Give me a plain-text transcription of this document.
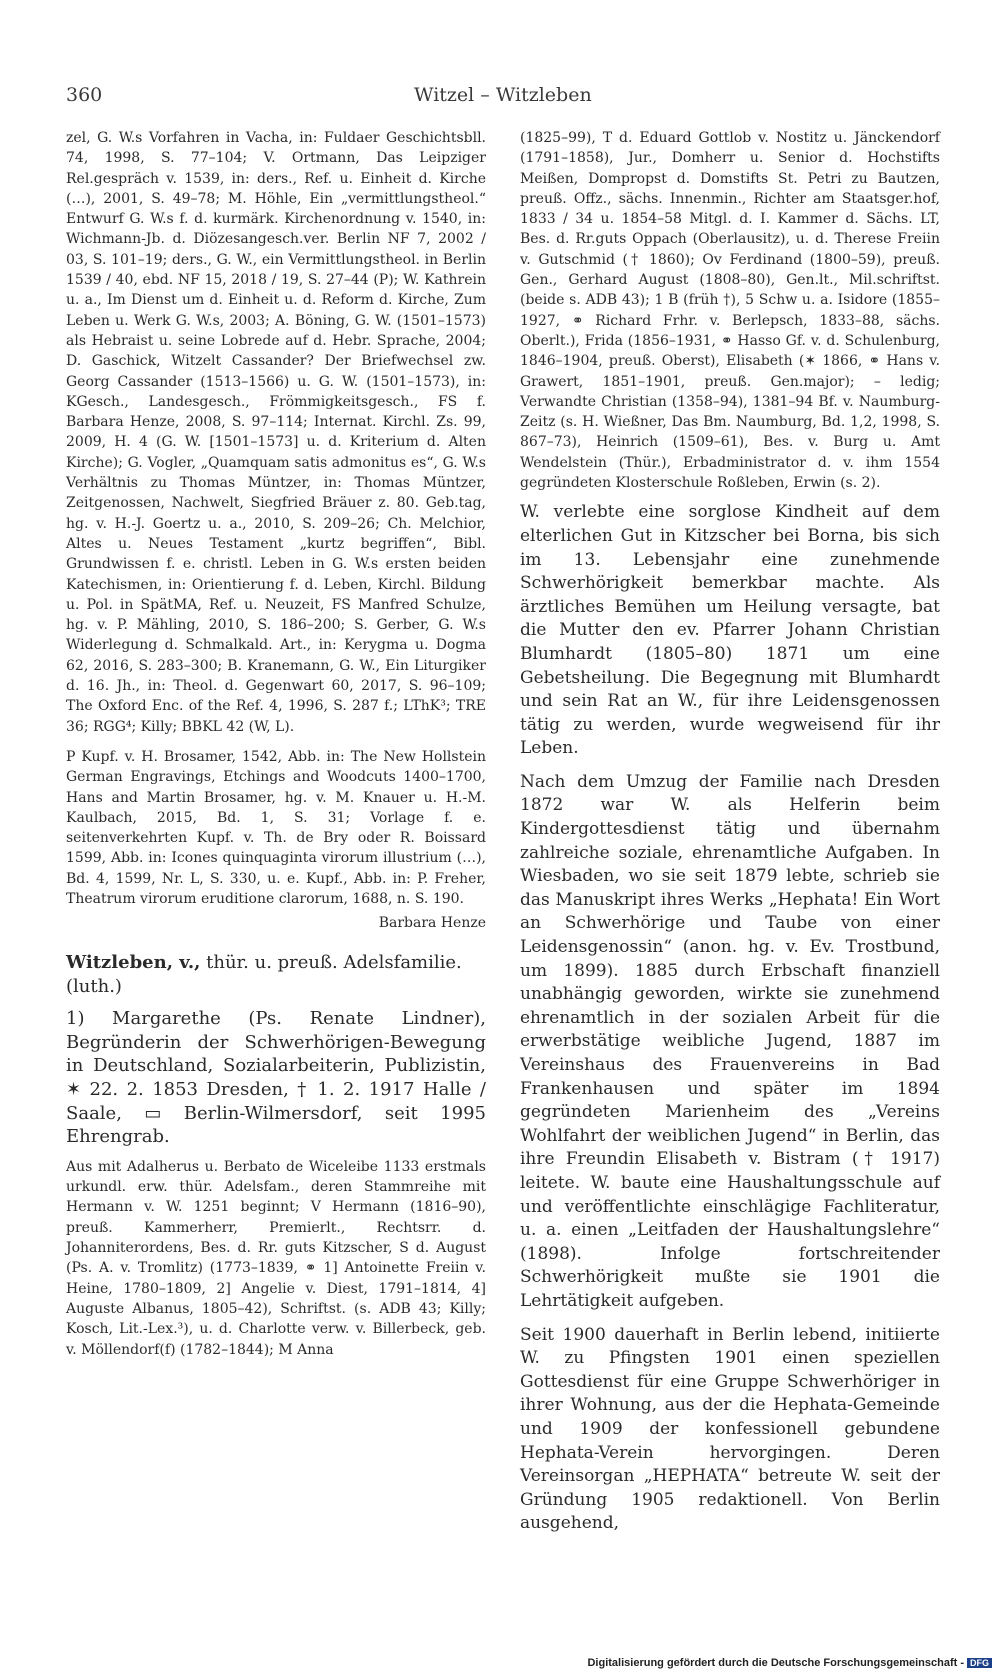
360	Witzel – Witzleben

zel, G. W.s Vorfahren in Vacha, in: Fuldaer Geschichtsbll. 74, 1998, S. 77–104; V. Ortmann, Das Leipziger Rel.gespräch v. 1539, in: ders., Ref. u. Einheit d. Kirche (…), 2001, S. 49–78; M. Höhle, Ein „vermittlungstheol.“ Entwurf G. W.s f. d. kurmärk. Kirchenordnung v. 1540, in: Wichmann-Jb. d. Diözesangesch.ver. Berlin NF 7, 2002 / 03, S. 101–19; ders., G. W., ein Vermittlungstheol. in Berlin 1539 / 40, ebd. NF 15, 2018 / 19, S. 27–44 (P); W. Kathrein u. a., Im Dienst um d. Einheit u. d. Reform d. Kirche, Zum Leben u. Werk G. W.s, 2003; A. Böning, G. W. (1501–1573) als Hebraist u. seine Lobrede auf d. Hebr. Sprache, 2004; D. Gaschick, Witzelt Cassander? Der Briefwechsel zw. Georg Cassander (1513–1566) u. G. W. (1501–1573), in: KGesch., Landesgesch., Frömmigkeitsgesch., FS f. Barbara Henze, 2008, S. 97–114; Internat. Kirchl. Zs. 99, 2009, H. 4 (G. W. [1501–1573] u. d. Kriterium d. Alten Kirche); G. Vogler, „Quamquam satis admonitus es“, G. W.s Verhältnis zu Thomas Müntzer, in: Thomas Müntzer, Zeitgenossen, Nachwelt, Siegfried Bräuer z. 80. Geb.tag, hg. v. H.-J. Goertz u. a., 2010, S. 209–26; Ch. Melchior, Altes u. Neues Testament „kurtz begriffen“, Bibl. Grundwissen f. e. christl. Leben in G. W.s ersten beiden Katechismen, in: Orientierung f. d. Leben, Kirchl. Bildung u. Pol. in SpätMA, Ref. u. Neuzeit, FS Manfred Schulze, hg. v. P. Mähling, 2010, S. 186–200; S. Gerber, G. W.s Widerlegung d. Schmalkald. Art., in: Kerygma u. Dogma 62, 2016, S. 283–300; B. Kranemann, G. W., Ein Liturgiker d. 16. Jh., in: Theol. d. Gegenwart 60, 2017, S. 96–109; The Oxford Enc. of the Ref. 4, 1996, S. 287 f.; LThK³; TRE 36; RGG⁴; Killy; BBKL 42 (W, L).

P Kupf. v. H. Brosamer, 1542, Abb. in: The New Hollstein German Engravings, Etchings and Woodcuts 1400–1700, Hans and Martin Brosamer, hg. v. M. Knauer u. H.-M. Kaulbach, 2015, Bd. 1, S. 31; Vorlage f. e. seitenverkehrten Kupf. v. Th. de Bry oder R. Boissard 1599, Abb. in: Icones quinquaginta virorum illustrium (…), Bd. 4, 1599, Nr. L, S. 330, u. e. Kupf., Abb. in: P. Freher, Theatrum virorum eruditione clarorum, 1688, n. S. 190.

Barbara Henze
Witzleben, v., thür. u. preuß. Adelsfamilie. (luth.)

1) Margarethe (Ps. Renate Lindner), Begründerin der Schwerhörigen-Bewegung in Deutschland, Sozialarbeiterin, Publizistin, ✶ 22. 2. 1853 Dresden, † 1. 2. 1917 Halle / Saale, ▭ Berlin-Wilmersdorf, seit 1995 Ehrengrab.

Aus mit Adalherus u. Berbato de Wiceleibe 1133 erstmals urkundl. erw. thür. Adelsfam., deren Stammreihe mit Hermann v. W. 1251 beginnt; V Hermann (1816–90), preuß. Kammerherr, Premierlt., Rechtsrr. d. Johanniterordens, Bes. d. Rr. guts Kitzscher, S d. August (Ps. A. v. Tromlitz) (1773–1839, ⚭ 1] Antoinette Freiin v. Heine, 1780–1809, 2] Angelie v. Diest, 1791–1814, 4] Auguste Albanus, 1805–42), Schriftst. (s. ADB 43; Killy; Kosch, Lit.-Lex.³), u. d. Charlotte verw. v. Billerbeck, geb. v. Möllendorf(f) (1782–1844); M Anna

(1825–99), T d. Eduard Gottlob v. Nostitz u. Jänckendorf (1791–1858), Jur., Domherr u. Senior d. Hochstifts Meißen, Dompropst d. Domstifts St. Petri zu Bautzen, preuß. Offz., sächs. Innenmin., Richter am Staatsger.hof, 1833 / 34 u. 1854–58 Mitgl. d. I. Kammer d. Sächs. LT, Bes. d. Rr.guts Oppach (Oberlausitz), u. d. Therese Freiin v. Gutschmid († 1860); Ov Ferdinand (1800–59), preuß. Gen., Gerhard August (1808–80), Gen.lt., Mil.schriftst. (beide s. ADB 43); 1 B (früh †), 5 Schw u. a. Isidore (1855–1927, ⚭ Richard Frhr. v. Berlepsch, 1833–88, sächs. Oberlt.), Frida (1856–1931, ⚭ Hasso Gf. v. d. Schulenburg, 1846–1904, preuß. Oberst), Elisabeth (✶ 1866, ⚭ Hans v. Grawert, 1851–1901, preuß. Gen.major); – ledig; Verwandte Christian (1358–94), 1381–94 Bf. v. Naumburg-Zeitz (s. H. Wießner, Das Bm. Naumburg, Bd. 1,2, 1998, S. 867–73), Heinrich (1509–61), Bes. v. Burg u. Amt Wendelstein (Thür.), Erbadministrator d. v. ihm 1554 gegründeten Klosterschule Roßleben, Erwin (s. 2).

W. verlebte eine sorglose Kindheit auf dem elterlichen Gut in Kitzscher bei Borna, bis sich im 13. Lebensjahr eine zunehmende Schwerhörigkeit bemerkbar machte. Als ärztliches Bemühen um Heilung versagte, bat die Mutter den ev. Pfarrer Johann Christian Blumhardt (1805–80) 1871 um eine Gebetsheilung. Die Begegnung mit Blumhardt und sein Rat an W., für ihre Leidensgenossen tätig zu werden, wurde wegweisend für ihr Leben.

Nach dem Umzug der Familie nach Dresden 1872 war W. als Helferin beim Kindergottesdienst tätig und übernahm zahlreiche soziale, ehrenamtliche Aufgaben. In Wiesbaden, wo sie seit 1879 lebte, schrieb sie das Manuskript ihres Werks „Hephata! Ein Wort an Schwerhörige und Taube von einer Leidensgenossin“ (anon. hg. v. Ev. Trostbund, um 1899). 1885 durch Erbschaft finanziell unabhängig geworden, wirkte sie zunehmend ehrenamtlich in der sozialen Arbeit für die erwerbstätige weibliche Jugend, 1887 im Vereinshaus des Frauenvereins in Bad Frankenhausen und später im 1894 gegründeten Marienheim des „Vereins Wohlfahrt der weiblichen Jugend“ in Berlin, das ihre Freundin Elisabeth v. Bistram († 1917) leitete. W. baute eine Haushaltungsschule auf und veröffentlichte einschlägige Fachliteratur, u. a. einen „Leitfaden der Haushaltungslehre“ (1898). Infolge fortschreitender Schwerhörigkeit mußte sie 1901 die Lehrtätigkeit aufgeben.

Seit 1900 dauerhaft in Berlin lebend, initiierte W. zu Pfingsten 1901 einen speziellen Gottesdienst für eine Gruppe Schwerhöriger in ihrer Wohnung, aus der die Hephata-Gemeinde und 1909 der konfessionell gebundene Hephata-Verein hervorgingen. Deren Vereinsorgan „HEPHATA“ betreute W. seit der Gründung 1905 redaktionell. Von Berlin ausgehend,

Digitalisierung gefördert durch die Deutsche Forschungsgemeinschaft - DFG
